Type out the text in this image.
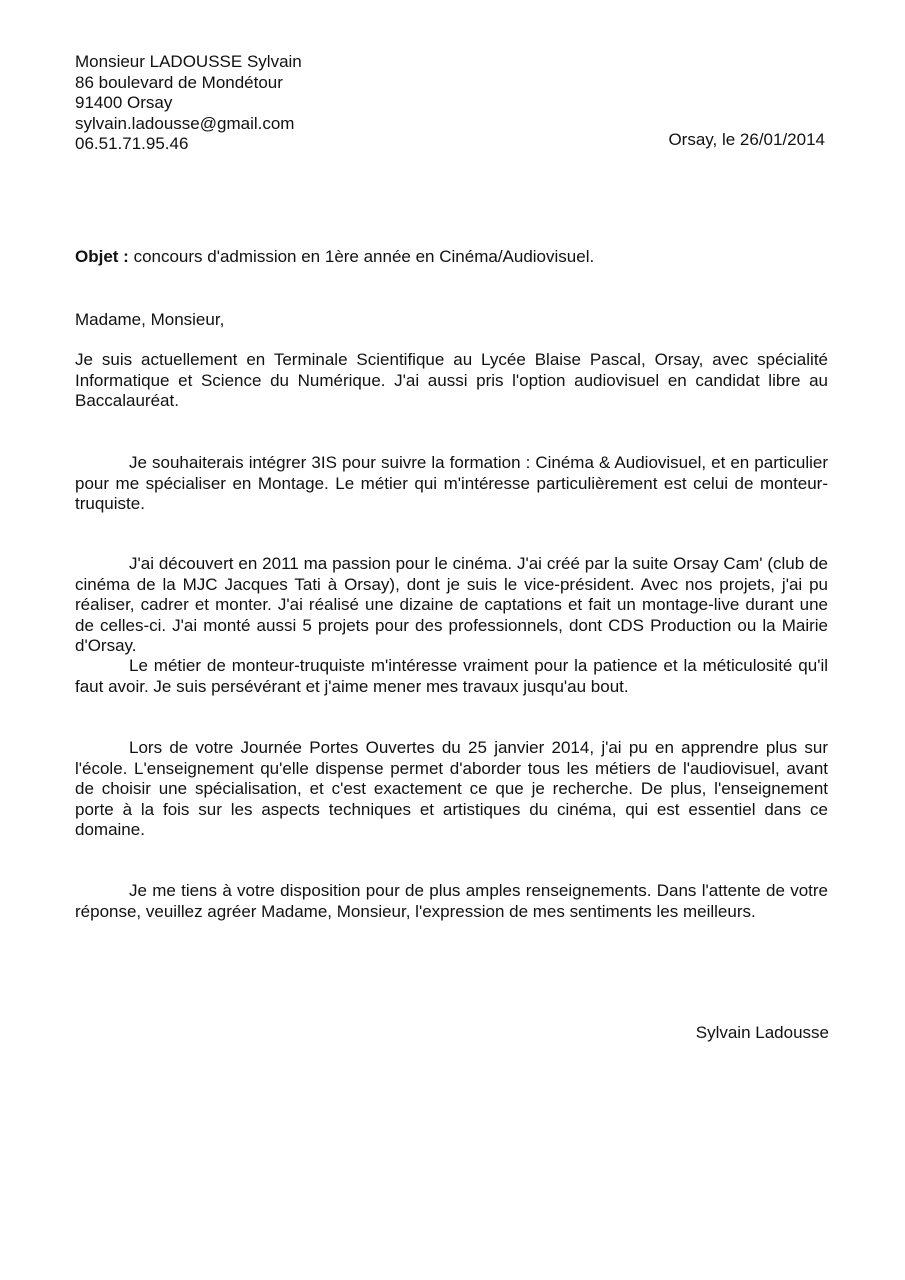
Monsieur LADOUSSE Sylvain
86 boulevard de Mondétour
91400 Orsay
sylvain.ladousse@gmail.com
06.51.71.95.46	Orsay, le 26/01/2014
Objet : concours d'admission en 1ère année en Cinéma/Audiovisuel.
Madame, Monsieur,

Je suis actuellement en Terminale Scientifique au Lycée Blaise Pascal, Orsay, avec spécialité Informatique et Science du Numérique. J'ai aussi pris l'option audiovisuel en candidat libre au Baccalauréat.

Je souhaiterais intégrer 3IS pour suivre la formation : Cinéma & Audiovisuel, et en particulier pour me spécialiser en Montage. Le métier qui m'intéresse particulièrement est celui de monteur-truquiste.

J'ai découvert en 2011 ma passion pour le cinéma. J'ai créé par la suite Orsay Cam' (club de cinéma de la MJC Jacques Tati à Orsay), dont je suis le vice-président. Avec nos projets, j'ai pu réaliser, cadrer et monter. J'ai réalisé une dizaine de captations et fait un montage-live durant une de celles-ci. J'ai monté aussi 5 projets pour des professionnels, dont CDS Production ou la Mairie d'Orsay.

Le métier de monteur-truquiste m'intéresse vraiment pour la patience et la méticulosité qu'il faut avoir. Je suis persévérant et j'aime mener mes travaux jusqu'au bout.

Lors de votre Journée Portes Ouvertes du 25 janvier 2014, j'ai pu en apprendre plus sur l'école. L'enseignement qu'elle dispense permet d'aborder tous les métiers de l'audiovisuel, avant de choisir une spécialisation, et c'est exactement ce que je recherche. De plus, l'enseignement porte à la fois sur les aspects techniques et artistiques du cinéma, qui est essentiel dans ce domaine.

Je me tiens à votre disposition pour de plus amples renseignements. Dans l'attente de votre réponse, veuillez agréer Madame, Monsieur, l'expression de mes sentiments les meilleurs.

Sylvain Ladousse
